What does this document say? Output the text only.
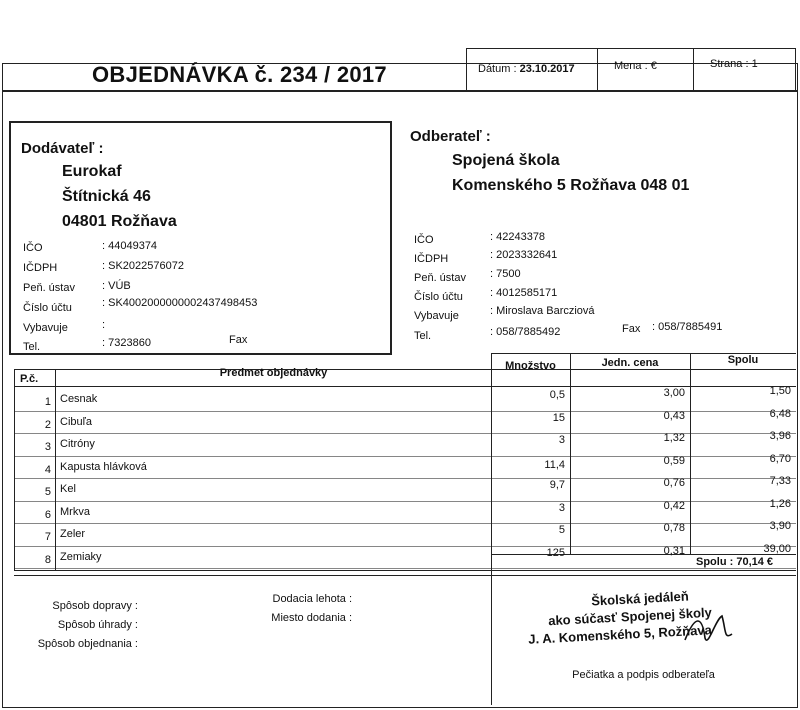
OBJEDNÁVKA č. 234 / 2017	Dátum : 23.10.2017	Mena : €	Strana : 1
Dodávateľ :
Eurokaf
Štítnická 46
04801 Rožňava
IČO	: 44049374
IČDPH	: SK2022576072
Peň. ústav : VÚB
Číslo účtu	: SK4002000000002437498453
Vybavuje	:
Tel.	: 7323860	Fax
Odberateľ :
Spojená škola
Komenského 5 Rožňava 048 01
IČO	: 42243378
IČDPH	: 2023332641
Peň. ústav : 7500
Číslo účtu : 4012585171
Vybavuje	: Miroslava Barcziová
Tel.	: 058/7885492	Fax : 058/7885491
P.č.	Predmet objednávky
Množstvo	Jedn. cena	Spolu
1 Cesnak	0,5	3,00	1,50
2 Cibuľa	15	0,43	6,48
3 Citróny	3	1,32	3,96
4 Kapusta hlávková	11,4	0,59	6,70
5 Kel	9,7	0,76	7,33
6 Mrkva	3	0,42	1,26
7 Zeler	5	0,78	3,90
8 Zemiaky	125	0,31	39,00
Spolu : 70,14 €
Spôsob dopravy :
Spôsob úhrady :
Spôsob objednania :
Dodacia lehota :
Miesto dodania :
Školská jedáleň
ako súčasť Spojenej školy
J. A. Komenského 5, Rožňava
Pečiatka a podpis odberateľa
